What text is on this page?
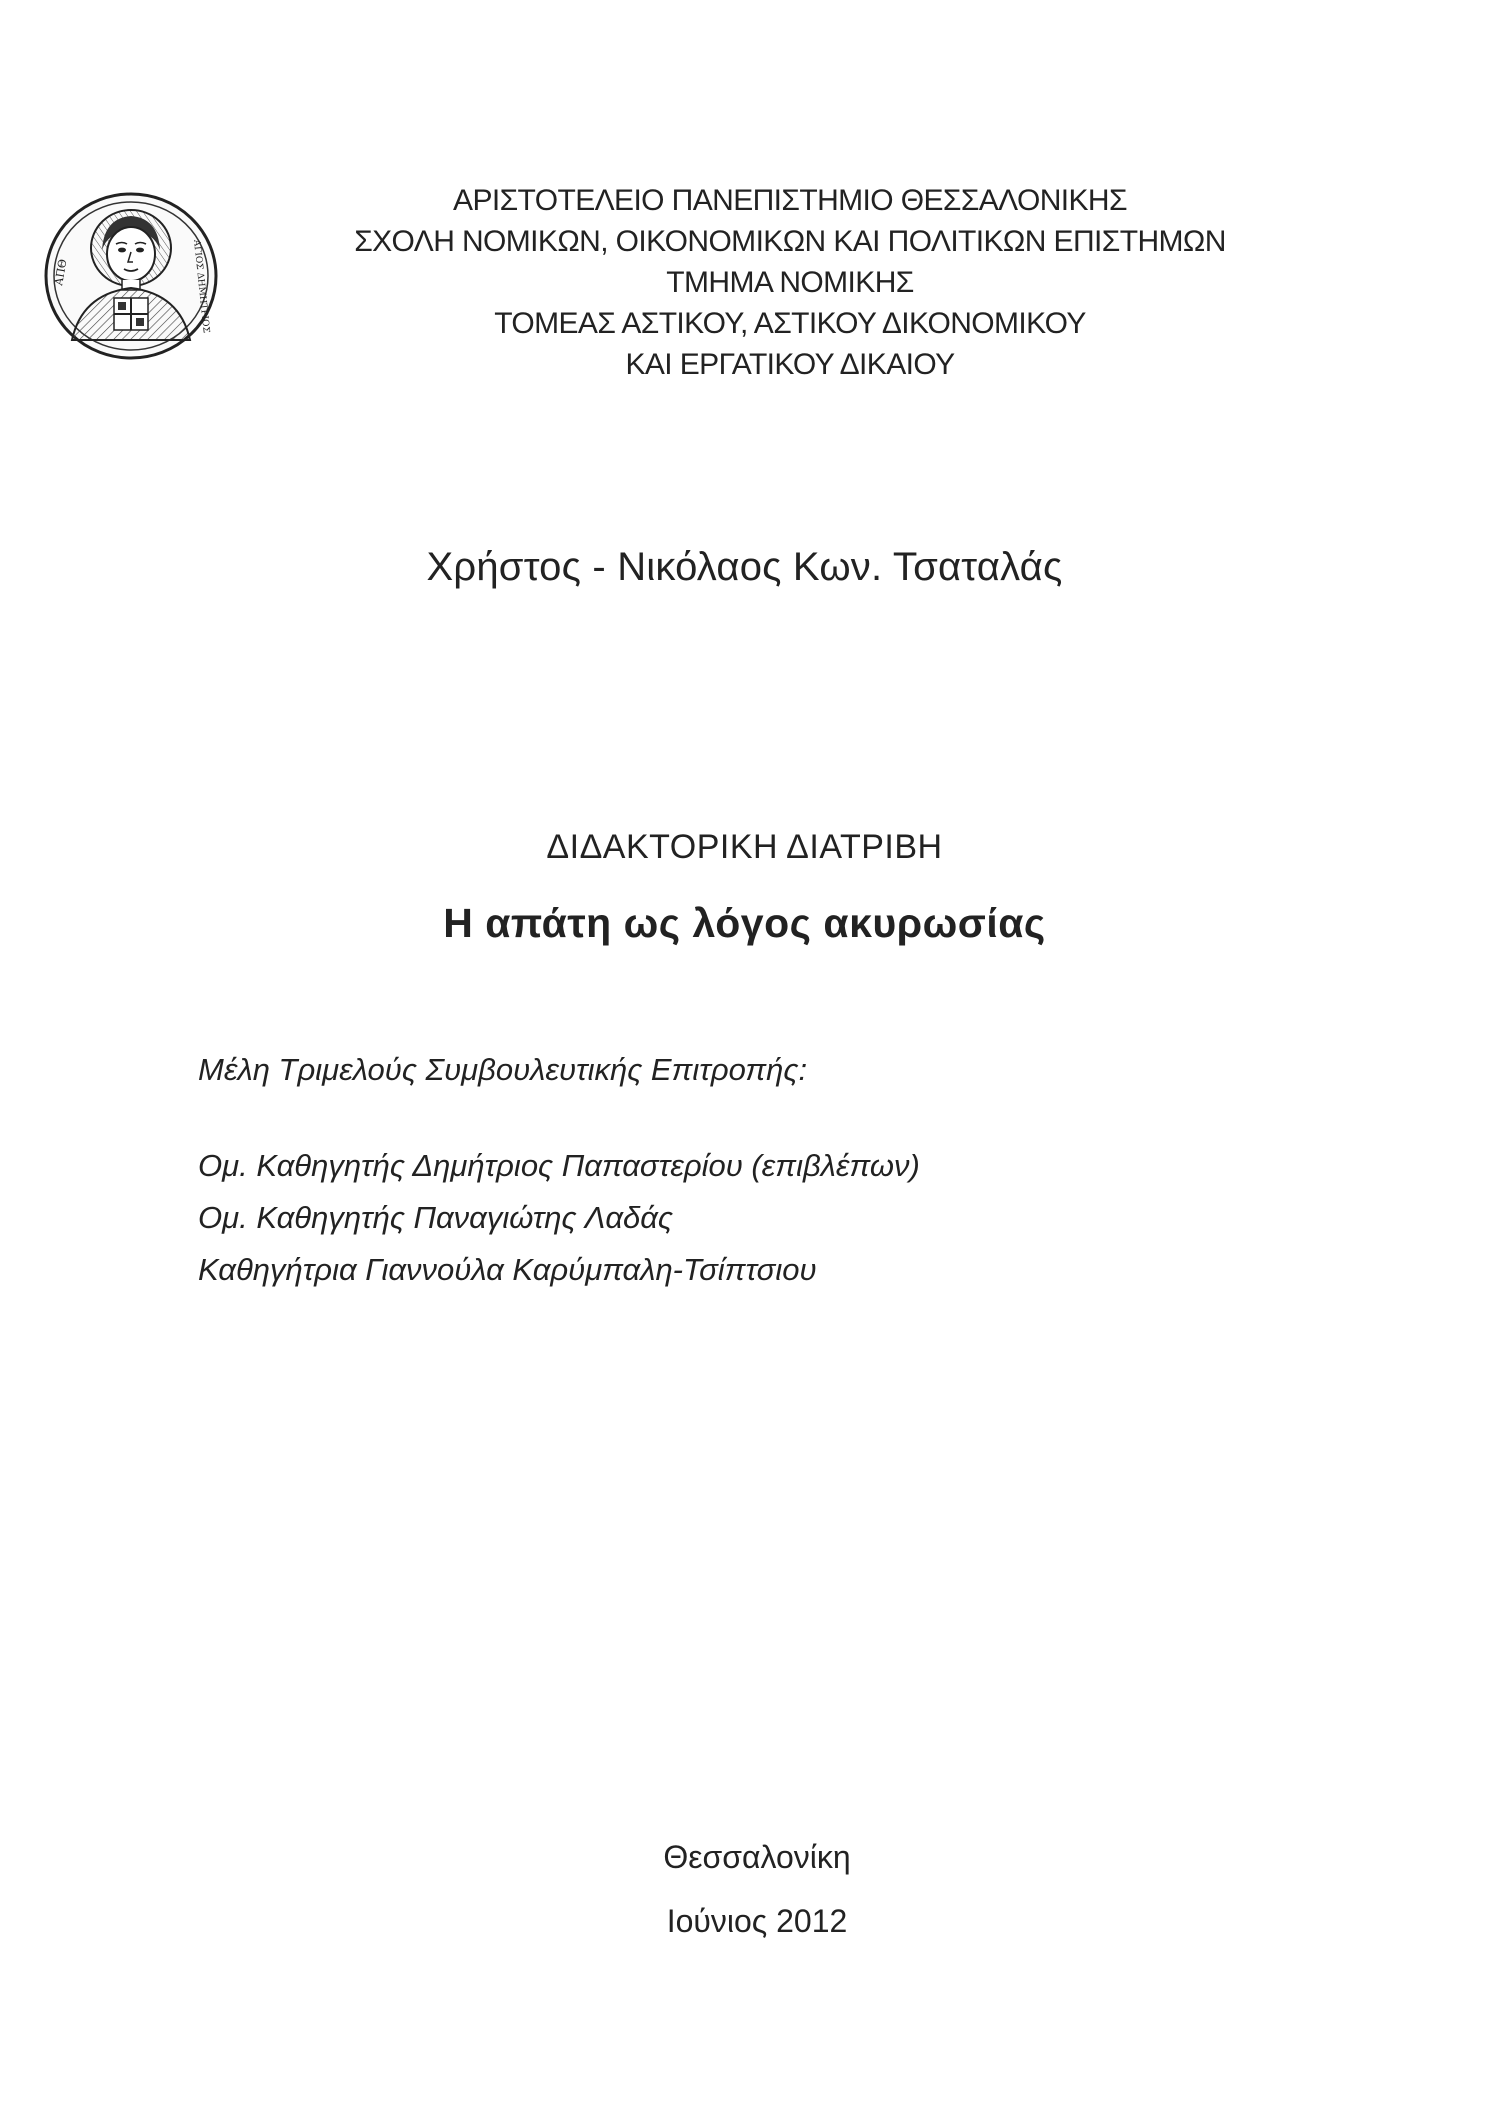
ΑΠΘ	ΑΓΙΟΣ ΔΗΜΗΤΡΙΟΣ
ΑΡΙΣΤΟΤΕΛΕΙΟ ΠΑΝΕΠΙΣΤΗΜΙΟ ΘΕΣΣΑΛΟΝΙΚΗΣ
ΣΧΟΛΗ ΝΟΜΙΚΩΝ, ΟΙΚΟΝΟΜΙΚΩΝ ΚΑΙ ΠΟΛΙΤΙΚΩΝ ΕΠΙΣΤΗΜΩΝ
ΤΜΗΜΑ ΝΟΜΙΚΗΣ
ΤΟΜΕΑΣ ΑΣΤΙΚΟΥ, ΑΣΤΙΚΟΥ ΔΙΚΟΝΟΜΙΚΟΥ
ΚΑΙ ΕΡΓΑΤΙΚΟΥ ΔΙΚΑΙΟΥ
Χρήστος - Νικόλαος Κων. Τσαταλάς
ΔΙΔΑΚΤΟΡΙΚΗ ΔΙΑΤΡΙΒΗ
Η απάτη ως λόγος ακυρωσίας
Μέλη Τριμελούς Συμβουλευτικής Επιτροπής:
Ομ. Καθηγητής Δημήτριος Παπαστερίου (επιβλέπων)
Ομ. Καθηγητής Παναγιώτης Λαδάς
Καθηγήτρια Γιαννούλα Καρύμπαλη-Τσίπτσιου
Θεσσαλονίκη
Ιούνιος 2012
